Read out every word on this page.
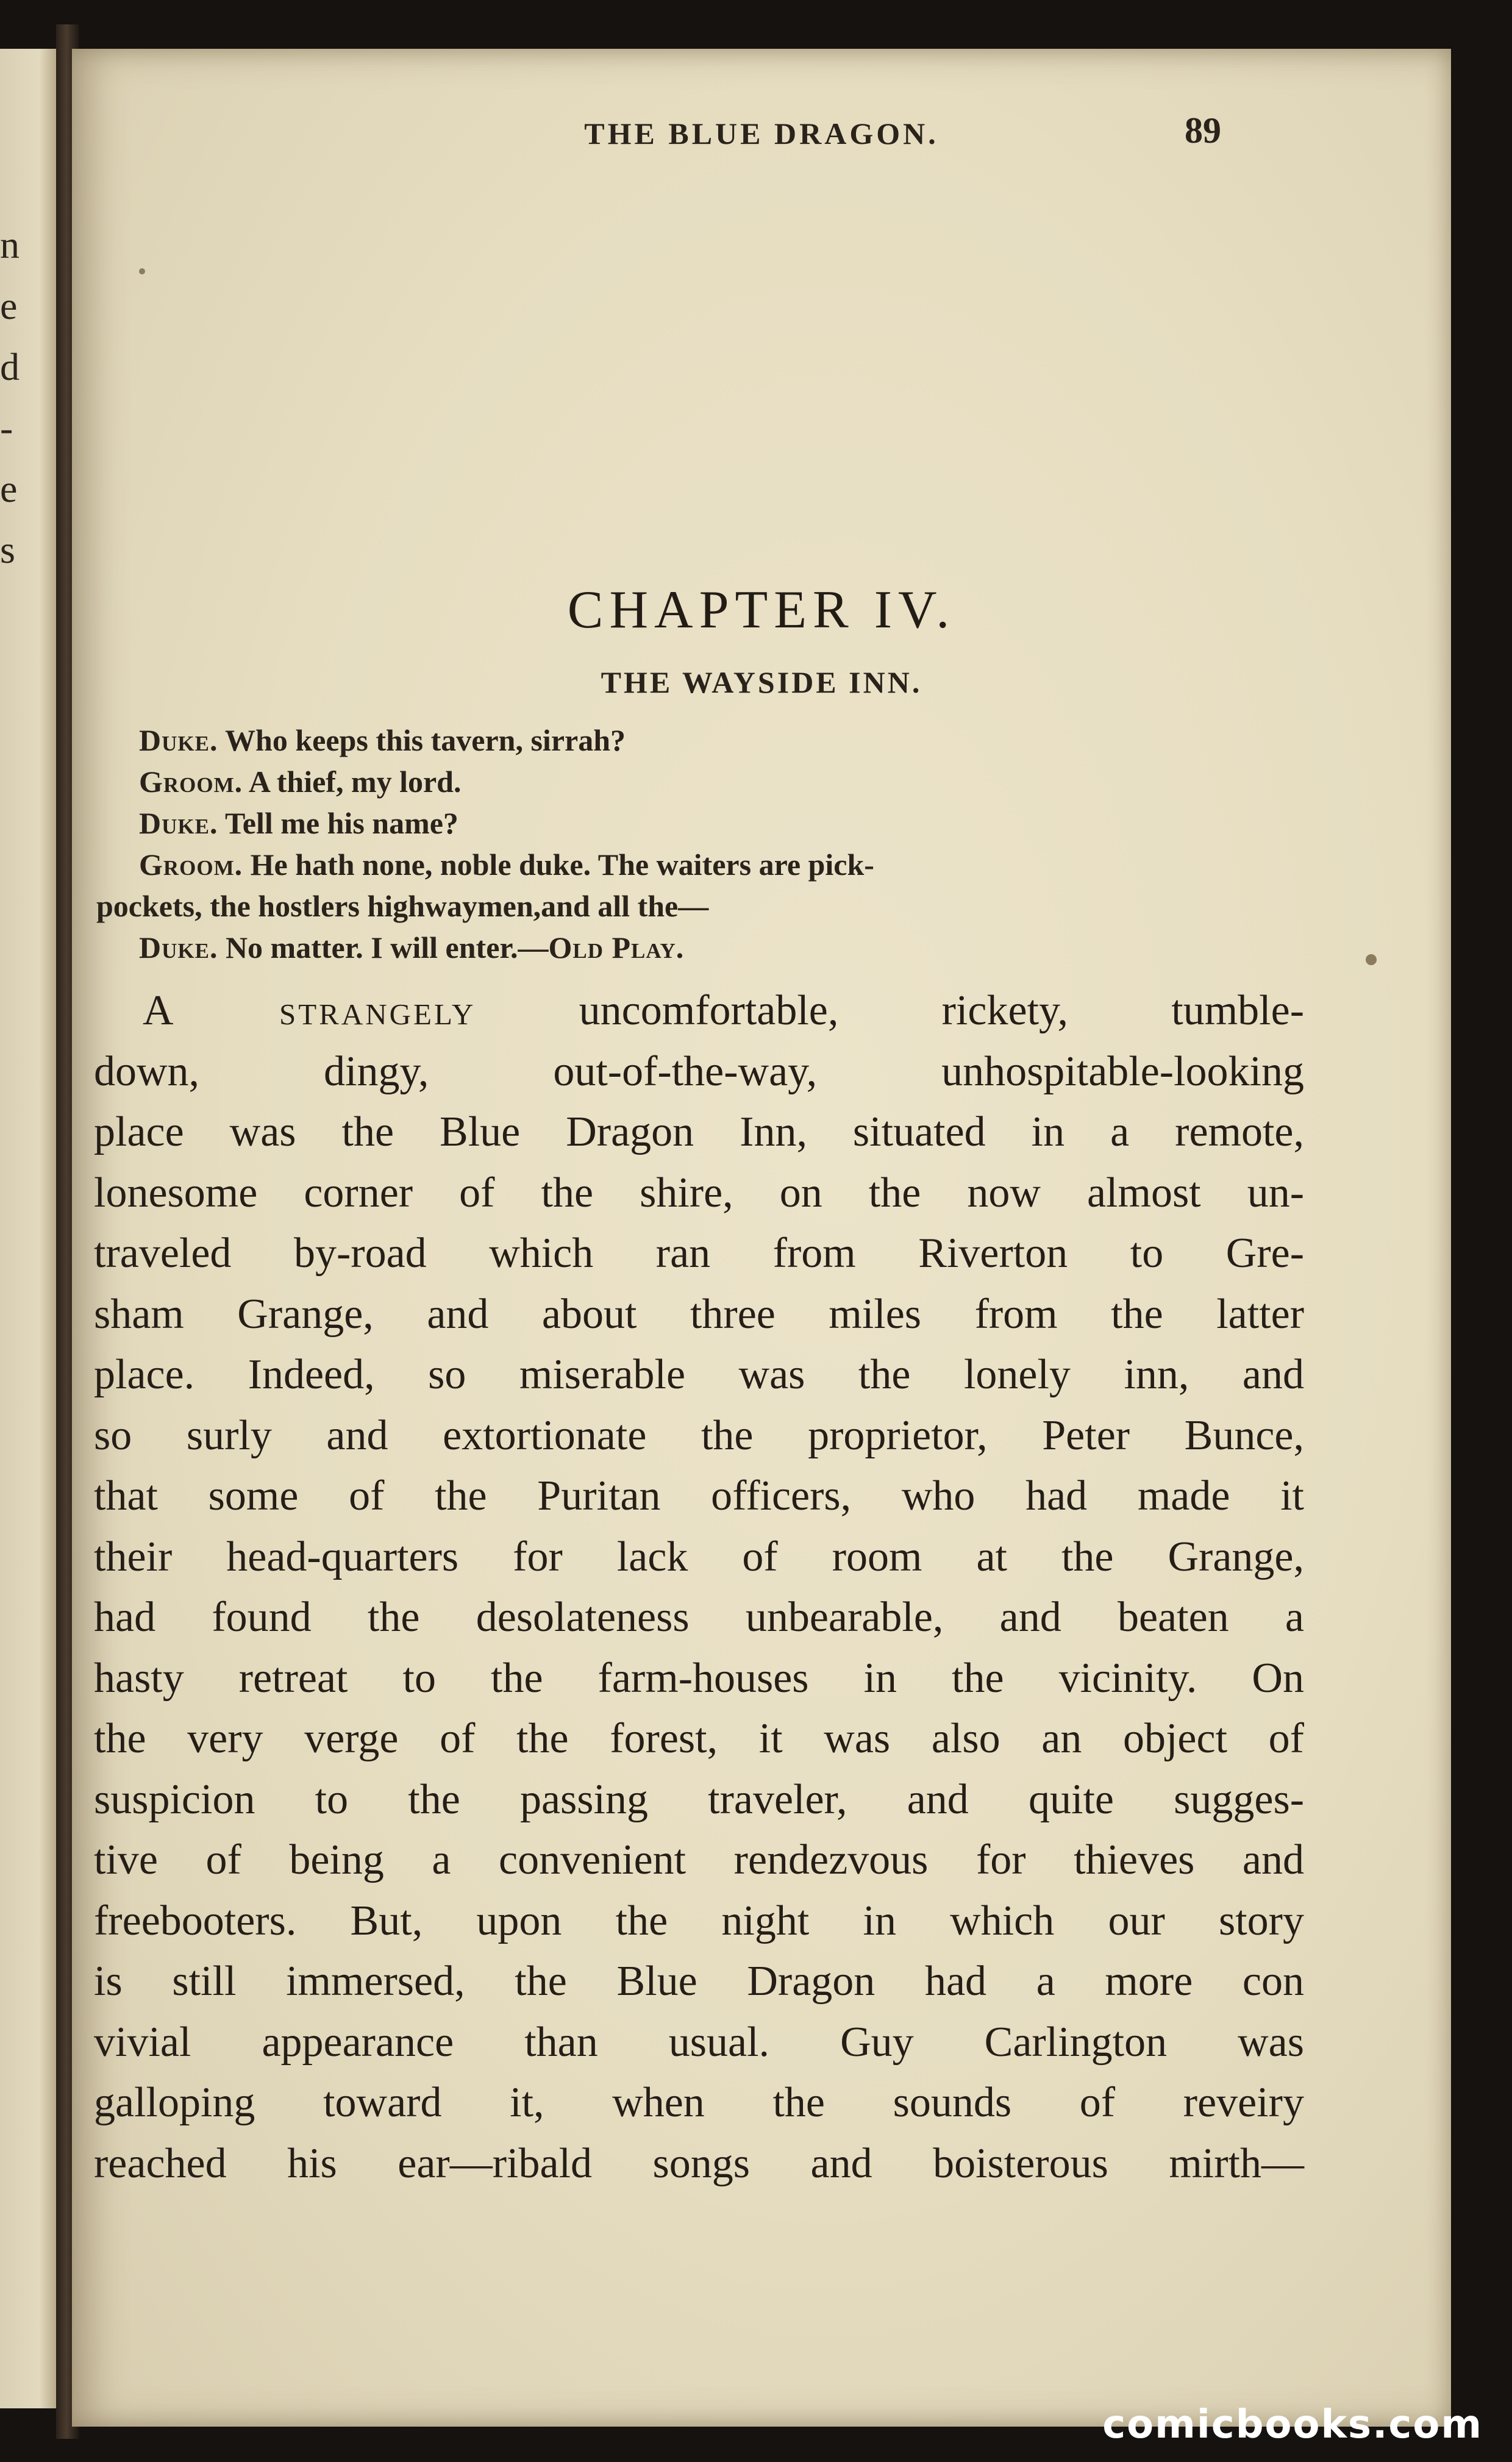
n
e
d
-
e
s
THE BLUE DRAGON.	89
CHAPTER IV.
THE WAYSIDE INN.
Duke. Who keeps this tavern, sirrah?
Groom. A thief, my lord.
Duke. Tell me his name?
Groom. He hath none, noble duke. The waiters are pick-
pockets, the hostlers highwaymen,and all the—
Duke. No matter. I will enter.—Old Play.
A strangely uncomfortable, rickety, tumble-
down, dingy, out-of-the-way, unhospitable-looking
place was the Blue Dragon Inn, situated in a remote,
lonesome corner of the shire, on the now almost un-
traveled by-road which ran from Riverton to Gre-
sham Grange, and about three miles from the latter
place. Indeed, so miserable was the lonely inn, and
so surly and extortionate the proprietor, Peter Bunce,
that some of the Puritan officers, who had made it
their head-quarters for lack of room at the Grange,
had found the desolateness unbearable, and beaten a
hasty retreat to the farm-houses in the vicinity. On
the very verge of the forest, it was also an object of
suspicion to the passing traveler, and quite sugges-
tive of being a convenient rendezvous for thieves and
freebooters. But, upon the night in which our story
is still immersed, the Blue Dragon had a more con
vivial appearance than usual. Guy Carlington was
galloping toward it, when the sounds of reveiry
reached his ear—ribald songs and boisterous mirth—
comicbooks.com
